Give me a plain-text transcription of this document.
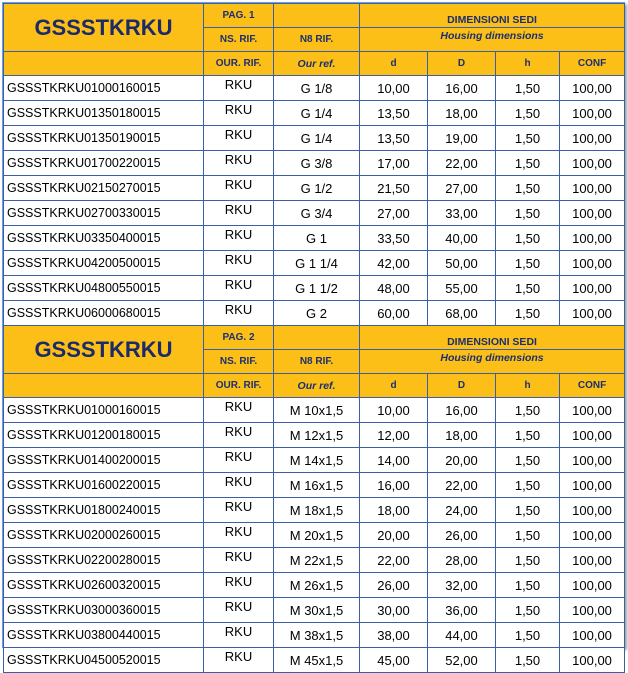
GSSSTKRKU	PAG. 1		DIMENSIONI SEDI			
	NS. RIF.	N8 RIF.	Housing dimensions			
	OUR. RIF.	Our ref.	d	D	h	CONF
GSSSTKRKU01000160015	RKU	G 1/8	10,00	16,00	1,50	100,00
GSSSTKRKU01350180015	RKU	G 1/4	13,50	18,00	1,50	100,00
GSSSTKRKU01350190015	RKU	G 1/4	13,50	19,00	1,50	100,00
GSSSTKRKU01700220015	RKU	G 3/8	17,00	22,00	1,50	100,00
GSSSTKRKU02150270015	RKU	G 1/2	21,50	27,00	1,50	100,00
GSSSTKRKU02700330015	RKU	G 3/4	27,00	33,00	1,50	100,00
GSSSTKRKU03350400015	RKU	G 1	33,50	40,00	1,50	100,00
GSSSTKRKU04200500015	RKU	G 1 1/4	42,00	50,00	1,50	100,00
GSSSTKRKU04800550015	RKU	G 1 1/2	48,00	55,00	1,50	100,00
GSSSTKRKU06000680015	RKU	G 2	60,00	68,00	1,50	100,00
GSSSTKRKU	PAG. 2		DIMENSIONI SEDI			
	NS. RIF.	N8 RIF.	Housing dimensions			
	OUR. RIF.	Our ref.	d	D	h	CONF
GSSSTKRKU01000160015	RKU	M 10x1,5	10,00	16,00	1,50	100,00
GSSSTKRKU01200180015	RKU	M 12x1,5	12,00	18,00	1,50	100,00
GSSSTKRKU01400200015	RKU	M 14x1,5	14,00	20,00	1,50	100,00
GSSSTKRKU01600220015	RKU	M 16x1,5	16,00	22,00	1,50	100,00
GSSSTKRKU01800240015	RKU	M 18x1,5	18,00	24,00	1,50	100,00
GSSSTKRKU02000260015	RKU	M 20x1,5	20,00	26,00	1,50	100,00
GSSSTKRKU02200280015	RKU	M 22x1,5	22,00	28,00	1,50	100,00
GSSSTKRKU02600320015	RKU	M 26x1,5	26,00	32,00	1,50	100,00
GSSSTKRKU03000360015	RKU	M 30x1,5	30,00	36,00	1,50	100,00
GSSSTKRKU03800440015	RKU	M 38x1,5	38,00	44,00	1,50	100,00
GSSSTKRKU04500520015	RKU	M 45x1,5	45,00	52,00	1,50	100,00
